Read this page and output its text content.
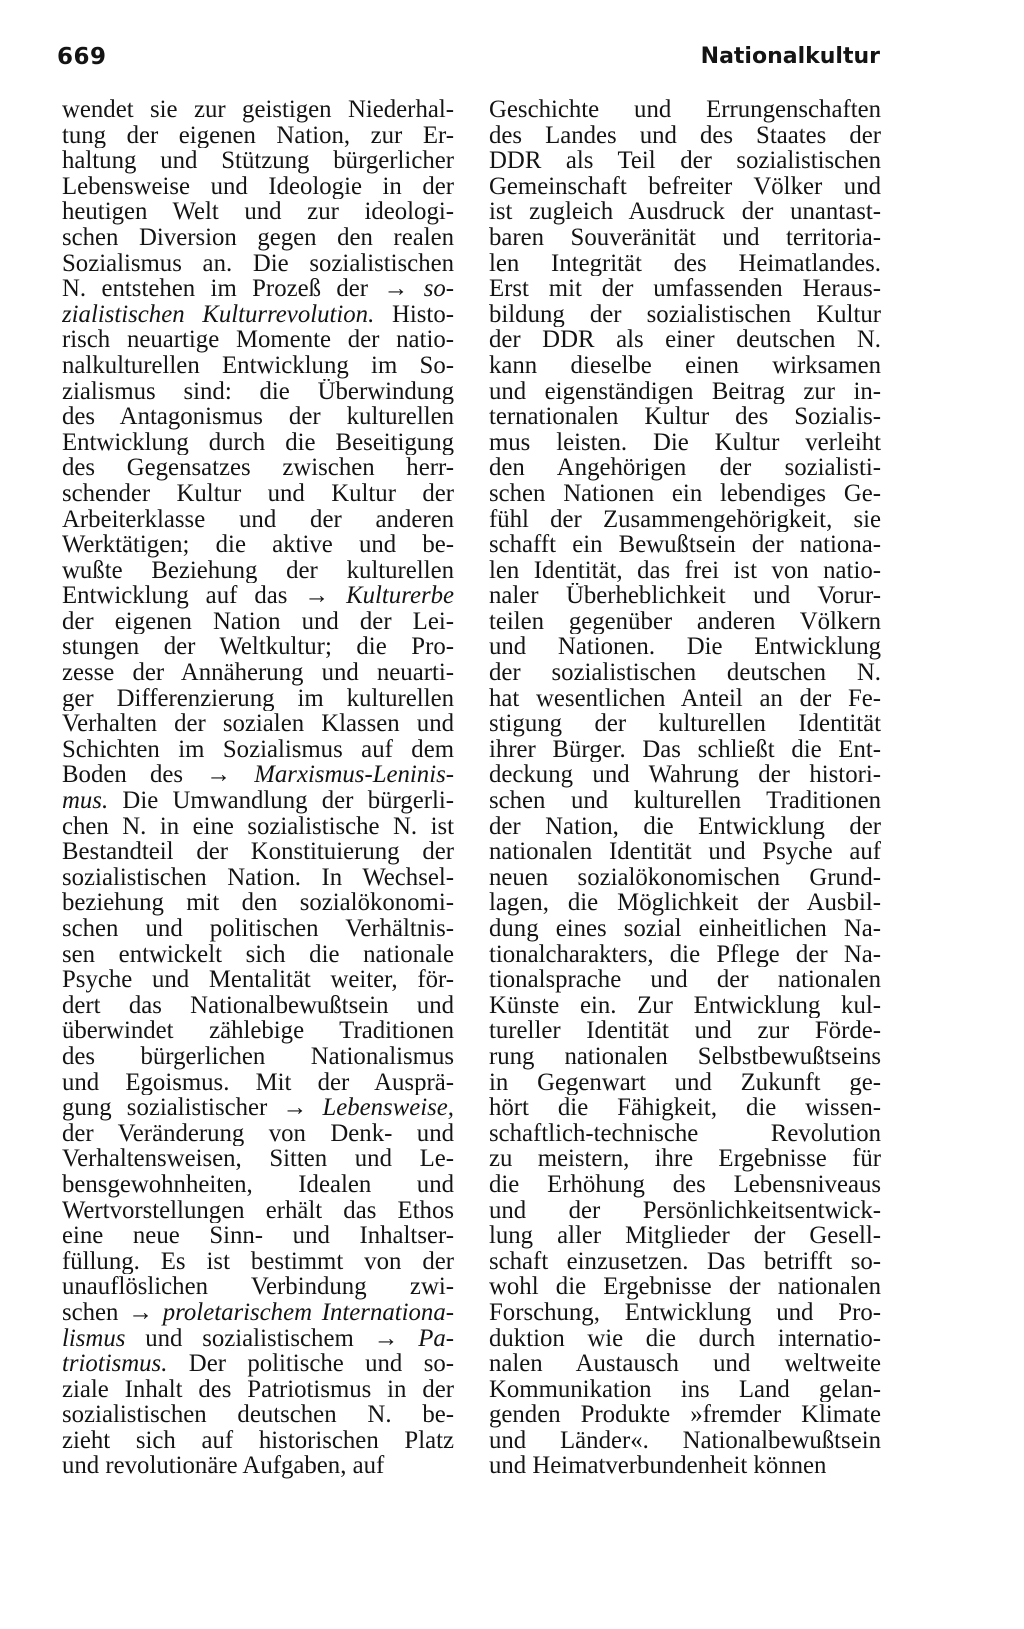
669	Nationalkultur
wendet sie zur geistigen Niederhal-
tung der eigenen Nation, zur Er-
haltung und Stützung bürgerlicher
Lebensweise und Ideologie in der
heutigen Welt und zur ideologi-
schen Diversion gegen den realen
Sozialismus an. Die sozialistischen
N. entstehen im Prozeß der → so-
zialistischen Kulturrevolution. Histo-
risch neuartige Momente der natio-
nalkulturellen Entwicklung im So-
zialismus sind: die Überwindung
des Antagonismus der kulturellen
Entwicklung durch die Beseitigung
des Gegensatzes zwischen herr-
schender Kultur und Kultur der
Arbeiterklasse und der anderen
Werktätigen; die aktive und be-
wußte Beziehung der kulturellen
Entwicklung auf das → Kulturerbe
der eigenen Nation und der Lei-
stungen der Weltkultur; die Pro-
zesse der Annäherung und neuarti-
ger Differenzierung im kulturellen
Verhalten der sozialen Klassen und
Schichten im Sozialismus auf dem
Boden des → Marxismus-Leninis-
mus. Die Umwandlung der bürgerli-
chen N. in eine sozialistische N. ist
Bestandteil der Konstituierung der
sozialistischen Nation. In Wechsel-
beziehung mit den sozialökonomi-
schen und politischen Verhältnis-
sen entwickelt sich die nationale
Psyche und Mentalität weiter, för-
dert das Nationalbewußtsein und
überwindet zählebige Traditionen
des bürgerlichen Nationalismus
und Egoismus. Mit der Ausprä-
gung sozialistischer → Lebensweise,
der Veränderung von Denk- und
Verhaltensweisen, Sitten und Le-
bensgewohnheiten, Idealen und
Wertvorstellungen erhält das Ethos
eine neue Sinn- und Inhaltser-
füllung. Es ist bestimmt von der
unauflöslichen Verbindung zwi-
schen → proletarischem Internationa-
lismus und sozialistischem → Pa-
triotismus. Der politische und so-
ziale Inhalt des Patriotismus in der
sozialistischen deutschen N. be-
zieht sich auf historischen Platz
und revolutionäre Aufgaben, auf
Geschichte und Errungenschaften
des Landes und des Staates der
DDR als Teil der sozialistischen
Gemeinschaft befreiter Völker und
ist zugleich Ausdruck der unantast-
baren Souveränität und territoria-
len Integrität des Heimatlandes.
Erst mit der umfassenden Heraus-
bildung der sozialistischen Kultur
der DDR als einer deutschen N.
kann dieselbe einen wirksamen
und eigenständigen Beitrag zur in-
ternationalen Kultur des Sozialis-
mus leisten. Die Kultur verleiht
den Angehörigen der sozialisti-
schen Nationen ein lebendiges Ge-
fühl der Zusammengehörigkeit, sie
schafft ein Bewußtsein der nationa-
len Identität, das frei ist von natio-
naler Überheblichkeit und Vorur-
teilen gegenüber anderen Völkern
und Nationen. Die Entwicklung
der sozialistischen deutschen N.
hat wesentlichen Anteil an der Fe-
stigung der kulturellen Identität
ihrer Bürger. Das schließt die Ent-
deckung und Wahrung der histori-
schen und kulturellen Traditionen
der Nation, die Entwicklung der
nationalen Identität und Psyche auf
neuen sozialökonomischen Grund-
lagen, die Möglichkeit der Ausbil-
dung eines sozial einheitlichen Na-
tionalcharakters, die Pflege der Na-
tionalsprache und der nationalen
Künste ein. Zur Entwicklung kul-
tureller Identität und zur Förde-
rung nationalen Selbstbewußtseins
in Gegenwart und Zukunft ge-
hört die Fähigkeit, die wissen-
schaftlich-technische Revolution
zu meistern, ihre Ergebnisse für
die Erhöhung des Lebensniveaus
und der Persönlichkeitsentwick-
lung aller Mitglieder der Gesell-
schaft einzusetzen. Das betrifft so-
wohl die Ergebnisse der nationalen
Forschung, Entwicklung und Pro-
duktion wie die durch internatio-
nalen Austausch und weltweite
Kommunikation ins Land gelan-
genden Produkte »fremder Klimate
und Länder«. Nationalbewußtsein
und Heimatverbundenheit können
